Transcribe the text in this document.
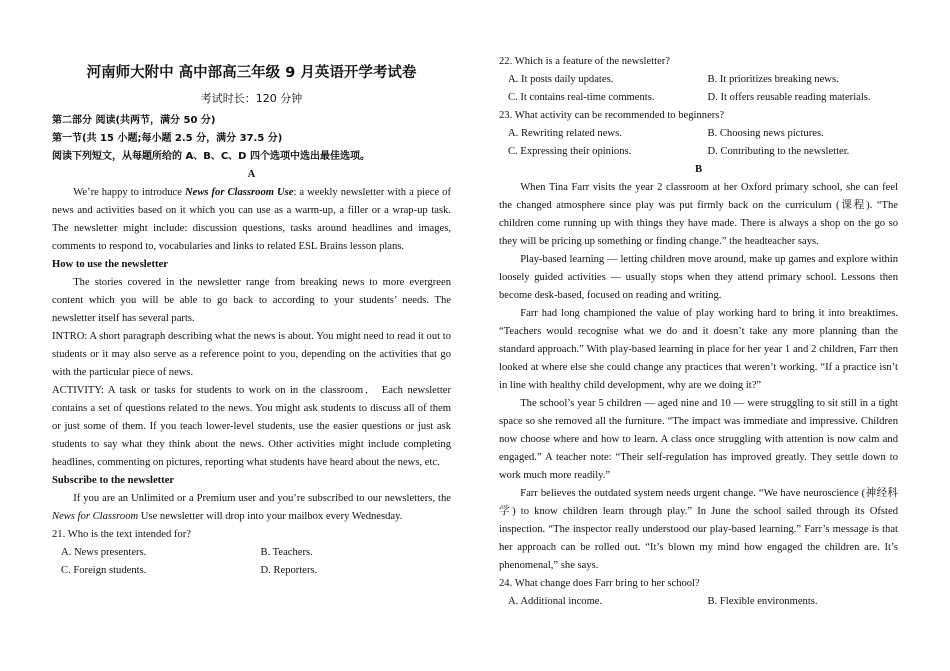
河南师大附中 高中部高三年级 9 月英语开学考试卷
考试时长：120 分钟
第二部分 阅读(共两节，满分 50 分)
第一节(共 15 小题;每小题 2.5 分，满分 37.5 分)
阅读下列短文，从每题所给的 A、B、C、D 四个选项中选出最佳选项。
A

We’re happy to introduce News for Classroom Use: a weekly newsletter with a piece of news and activities based on it which you can use as a warm-up, a filler or a wrap-up task. The newsletter might include: discussion questions, tasks around headlines and images, comments to respond to, vocabularies and links to related ESL Brains lesson plans.

How to use the newsletter

The stories covered in the newsletter range from breaking news to more evergreen content which you will be able to go back to according to your students’ needs. The newsletter itself has several parts.

INTRO: A short paragraph describing what the news is about. You might need to read it out to students or it may also serve as a reference point to you, depending on the activities that go with the particular piece of news.

ACTIVITY: A task or tasks for students to work on in the classroom． Each newsletter contains a set of questions related to the news. You might ask students to discuss all of them or just some of them. If you teach lower-level students, use the easier questions or just ask students to say what they think about the news. Other activities might include completing headlines, commenting on pictures, reporting what students have heard about the news, etc.

Subscribe to the newsletter

If you are an Unlimited or a Premium user and you’re subscribed to our newsletters, the News for Classroom Use newsletter will drop into your mailbox every Wednesday.

21. Who is the text intended for?
A. News presenters.	B. Teachers.
C. Foreign students.	D. Reporters.
22. Which is a feature of the newsletter?
A. It posts daily updates.	B. It prioritizes breaking news.
C. It contains real-time comments.	D. It offers reusable reading materials.
23. What activity can be recommended to beginners?
A. Rewriting related news.	B. Choosing news pictures.
C. Expressing their opinions.	D. Contributing to the newsletter.
B

When Tina Farr visits the year 2 classroom at her Oxford primary school, she can feel the changed atmosphere since play was put firmly back on the curriculum (课程). “The children come running up with things they have made. There is always a shop on the go so they will be pricing up something or finding change.” the headteacher says.

Play-based learning — letting children move around, make up games and explore within loosely guided activities — usually stops when they attend primary school. Lessons then become desk-based, focused on reading and writing.

Farr had long championed the value of play working hard to bring it into breaktimes. “Teachers would recognise what we do and it doesn’t take any more planning than the standard approach.” With play-based learning in place for her year 1 and 2 children, Farr then looked at where else she could change any practices that weren’t working. “If a practice isn’t in line with healthy child development, why are we doing it?”

The school’s year 5 children — aged nine and 10 — were struggling to sit still in a tight space so she removed all the furniture. “The impact was immediate and impressive. Children now choose where and how to learn. A class once struggling with attention is now calm and engaged.” A teacher note: “Their self-regulation has improved greatly. They settle down to work much more readily.”

Farr believes the outdated system needs urgent change. “We have neuroscience (神经科学) to know children learn through play.” In June the school sailed through its Ofsted inspection. “The inspector really understood our play-based learning.” Farr’s message is that her approach can be rolled out. “It’s blown my mind how engaged the children are. It’s phenomenal,” she says.

24. What change does Farr bring to her school?
A. Additional income.	B. Flexible environments.
